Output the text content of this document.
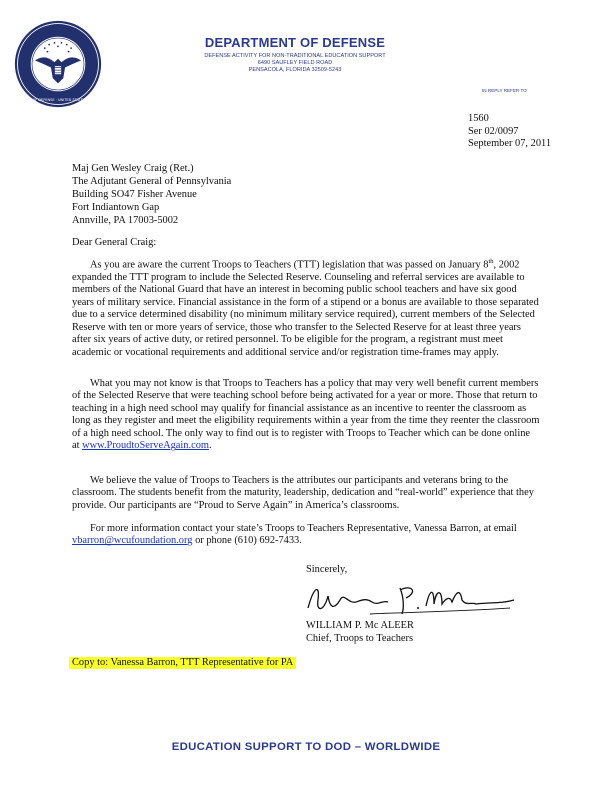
DEPARTMENT OF DEFENSE · UNITED STATES OF AMERICA
DEPARTMENT OF DEFENSE
DEFENSE ACTIVITY FOR NON-TRADITIONAL EDUCATION SUPPORT
6490 SAUFLEY FIELD ROAD
PENSACOLA, FLORIDA 32509-5243
IN REPLY REFER TO
1560
Ser 02/0097
September 07, 2011
Maj Gen Wesley Craig (Ret.)
The Adjutant General of Pennsylvania
Building SO47 Fisher Avenue
Fort Indiantown Gap
Annville, PA 17003-5002
Dear General Craig:

As you are aware the current Troops to Teachers (TTT) legislation that was passed on January 8th, 2002 expanded the TTT program to include the Selected Reserve. Counseling and referral services are available to members of the National Guard that have an interest in becoming public school teachers and have six good years of military service. Financial assistance in the form of a stipend or a bonus are available to those separated due to a service determined disability (no minimum military service required), current members of the Selected Reserve with ten or more years of service, those who transfer to the Selected Reserve for at least three years after six years of active duty, or retired personnel. To be eligible for the program, a registrant must meet academic or vocational requirements and additional service and/or registration time-frames may apply.

What you may not know is that Troops to Teachers has a policy that may very well benefit current members of the Selected Reserve that were teaching school before being activated for a year or more. Those that return to teaching in a high need school may qualify for financial assistance as an incentive to reenter the classroom as long as they register and meet the eligibility requirements within a year from the time they reenter the classroom of a high need school. The only way to find out is to register with Troops to Teacher which can be done online at www.ProudtoServeAgain.com.

We believe the value of Troops to Teachers is the attributes our participants and veterans bring to the classroom. The students benefit from the maturity, leadership, dedication and “real-world” experience that they provide. Our participants are “Proud to Serve Again” in America’s classrooms.

For more information contact your state’s Troops to Teachers Representative, Vanessa Barron, at email vbarron@wcufoundation.org or phone (610) 692-7433.

Sincerely,
WILLIAM P. Mc ALEER
Chief, Troops to Teachers
Copy to: Vanessa Barron, TTT Representative for PA
EDUCATION SUPPORT TO DOD – WORLDWIDE
